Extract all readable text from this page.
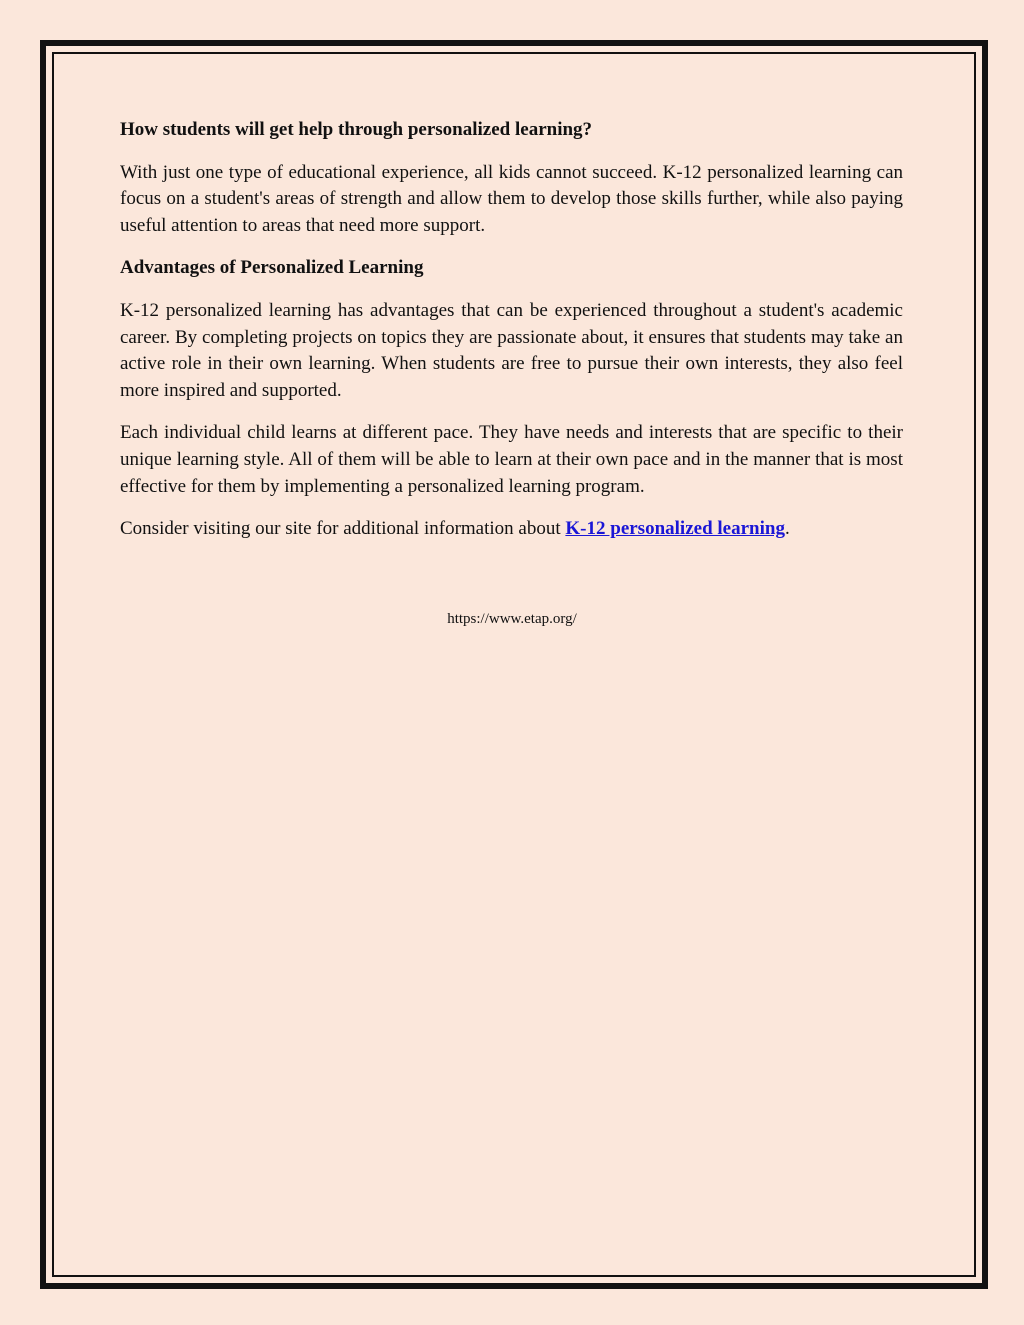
How students will get help through personalized learning?

With just one type of educational experience, all kids cannot succeed. K-12 personalized learning can focus on a student's areas of strength and allow them to develop those skills further, while also paying useful attention to areas that need more support.

Advantages of Personalized Learning

K-12 personalized learning has advantages that can be experienced throughout a student's academic career. By completing projects on topics they are passionate about, it ensures that students may take an active role in their own learning. When students are free to pursue their own interests, they also feel more inspired and supported.

Each individual child learns at different pace. They have needs and interests that are specific to their unique learning style. All of them will be able to learn at their own pace and in the manner that is most effective for them by implementing a personalized learning program.

Consider visiting our site for additional information about K-12 personalized learning.

https://www.etap.org/
